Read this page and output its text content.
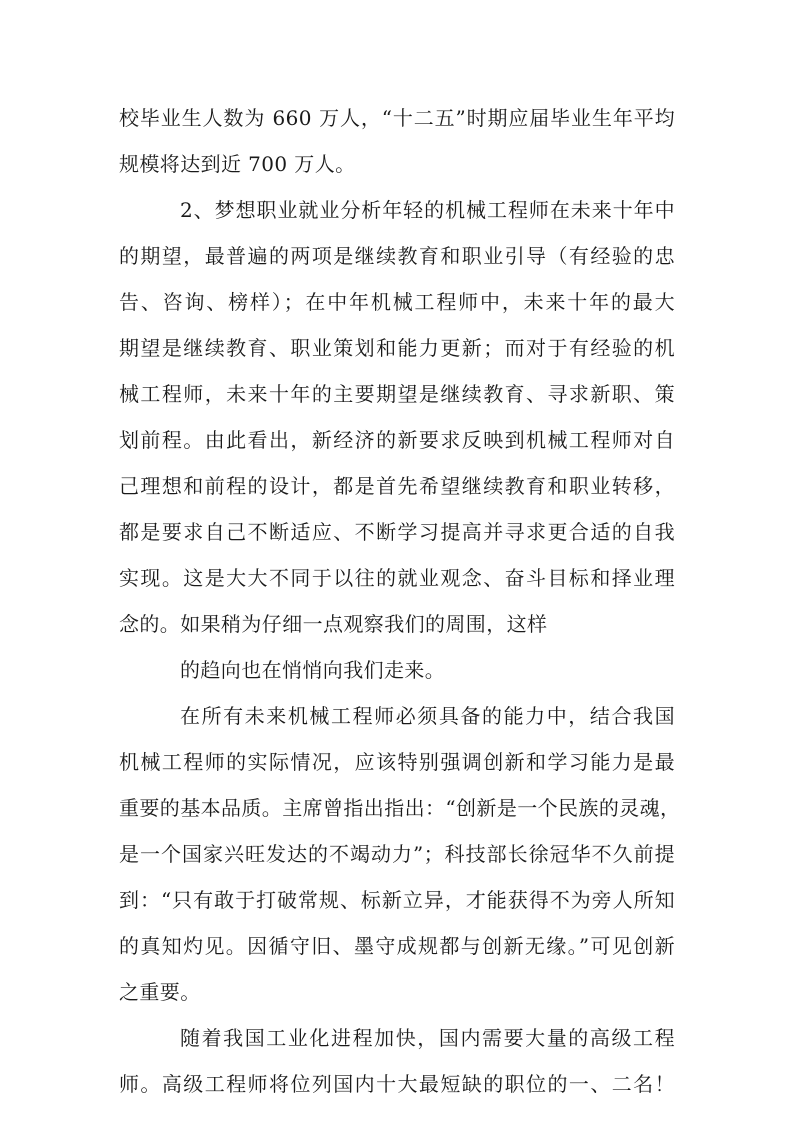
校毕业生人数为 660 万人，“十二五”时期应届毕业生年平均
规模将达到近 700 万人。
2、梦想职业就业分析年轻的机械工程师在未来十年中
的期望，最普遍的两项是继续教育和职业引导（有经验的忠
告、咨询、榜样）；在中年机械工程师中，未来十年的最大
期望是继续教育、职业策划和能力更新；而对于有经验的机
械工程师，未来十年的主要期望是继续教育、寻求新职、策
划前程。由此看出，新经济的新要求反映到机械工程师对自
己理想和前程的设计，都是首先希望继续教育和职业转移，
都是要求自己不断适应、不断学习提高并寻求更合适的自我
实现。这是大大不同于以往的就业观念、奋斗目标和择业理
念的。如果稍为仔细一点观察我们的周围，这样
的趋向也在悄悄向我们走来。
在所有未来机械工程师必须具备的能力中，结合我国
机械工程师的实际情况，应该特别强调创新和学习能力是最
重要的基本品质。主席曾指出指出：“创新是一个民族的灵魂，
是一个国家兴旺发达的不竭动力”；科技部长徐冠华不久前提
到：“只有敢于打破常规、标新立异，才能获得不为旁人所知
的真知灼见。因循守旧、墨守成规都与创新无缘。”可见创新
之重要。
随着我国工业化进程加快，国内需要大量的高级工程
师。高级工程师将位列国内十大最短缺的职位的一、二名！
